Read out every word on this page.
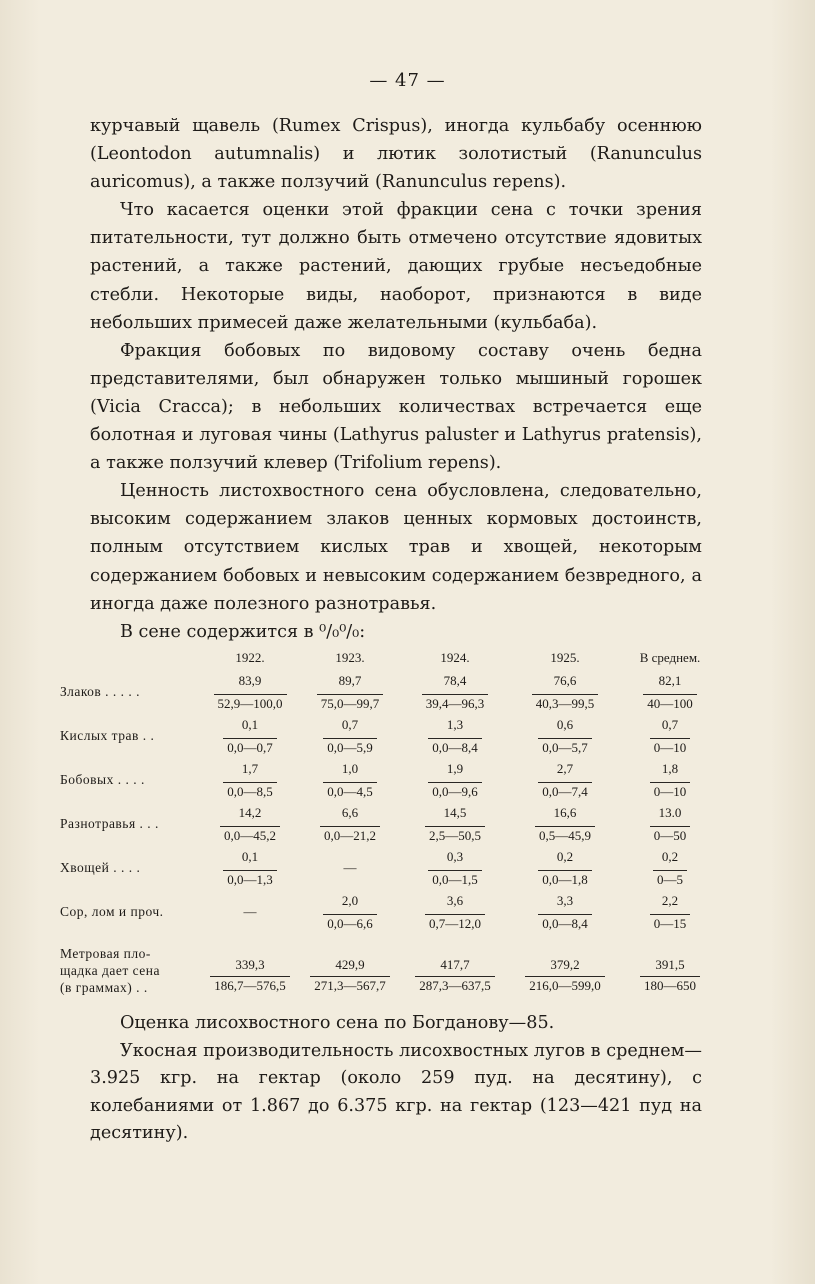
— 47 —

курчавый щавель (Rumex Crispus), иногда кульбабу осеннюю (Leontodon autumnalis) и лютик золотистый (Ranunculus auricomus), а также ползучий (Ranunculus repens).

Что касается оценки этой фракции сена с точки зрения питательности, тут должно быть отмечено отсутствие ядовитых растений, а также растений, дающих грубые несъедобные стебли. Некоторые виды, наоборот, признаются в виде небольших примесей даже желательными (кульбаба).

Фракция бобовых по видовому составу очень бедна представителями, был обнаружен только мышиный горошек (Vicia Cracca); в небольших количествах встречается еще болотная и луговая чины (Lathyrus paluster и Lathyrus pratensis), а также ползучий клевер (Trifolium repens).

Ценность листохвостного сена обусловлена, следовательно, высоким содержанием злаков ценных кормовых достоинств, полным отсутствием кислых трав и хвощей, некоторым содержанием бобовых и невысоким содержанием безвредного, а иногда даже полезного разнотравья.

В сене содержится в ⁰/₀⁰/₀:

	1922.	1923.	1924.	1925.	В среднем.
Злаков . . . . .	83,9	89,7	78,4	76,6	82,1
	52,9—100,0	75,0—99,7	39,4—96,3	40,3—99,5	40—100
Кислых трав . .	0,1	0,7	1,3	0,6	0,7
	0,0—0,7	0,0—5,9	0,0—8,4	0,0—5,7	0—10
Бобовых . . . .	1,7	1,0	1,9	2,7	1,8
	0,0—8,5	0,0—4,5	0,0—9,6	0,0—7,4	0—10
Разнотравья . . .	14,2	6,6	14,5	16,6	13.0
	0,0—45,2	0,0—21,2	2,5—50,5	0,5—45,9	0—50
Хвощей . . . .	0,1	—	0,3	0,2	0,2
	0,0—1,3		0,0—1,5	0,0—1,8	0—5
Сор, лом и проч.	—	2,0	3,6	3,3	2,2
		0,0—6,6	0,7—12,0	0,0—8,4	0—15

Метровая пло-
щадка дает сена
(в граммах) . .	339,3	429,9	417,7	379,2	391,5
	186,7—576,5	271,3—567,7	287,3—637,5	216,0—599,0	180—650

Оценка лисохвостного сена по Богданову—85.

Укосная производительность лисохвостных лугов в среднем—3.925 кгр. на гектар (около 259 пуд. на десятину), с колебаниями от 1.867 до 6.375 кгр. на гектар (123—421 пуд на десятину).
